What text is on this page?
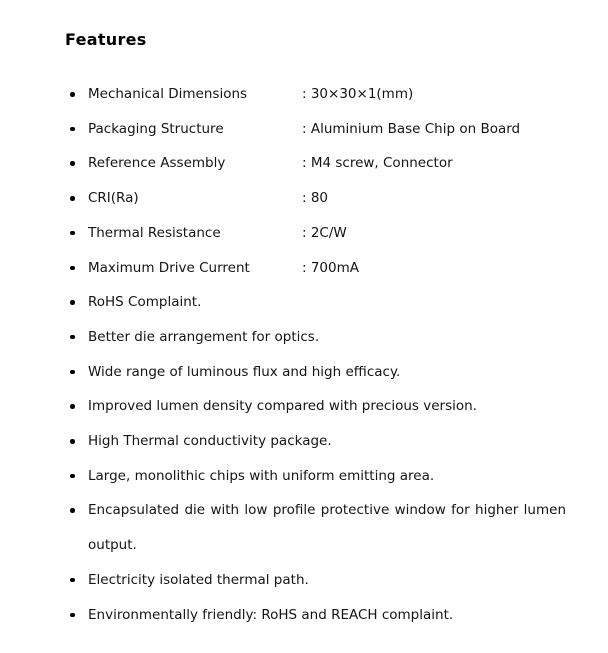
Features
Mechanical Dimensions	: 30×30×1(mm)
Packaging Structure	: Aluminium Base Chip on Board
Reference Assembly	: M4 screw, Connector
CRI(Ra)	: 80
Thermal Resistance	: 2C/W
Maximum Drive Current	: 700mA
RoHS Complaint.
Better die arrangement for optics.
Wide range of luminous flux and high efficacy.
Improved lumen density compared with precious version.
High Thermal conductivity package.
Large, monolithic chips with uniform emitting area.
Encapsulated die with low profile protective window for higher lumen output.
Electricity isolated thermal path.
Environmentally friendly: RoHS and REACH complaint.
